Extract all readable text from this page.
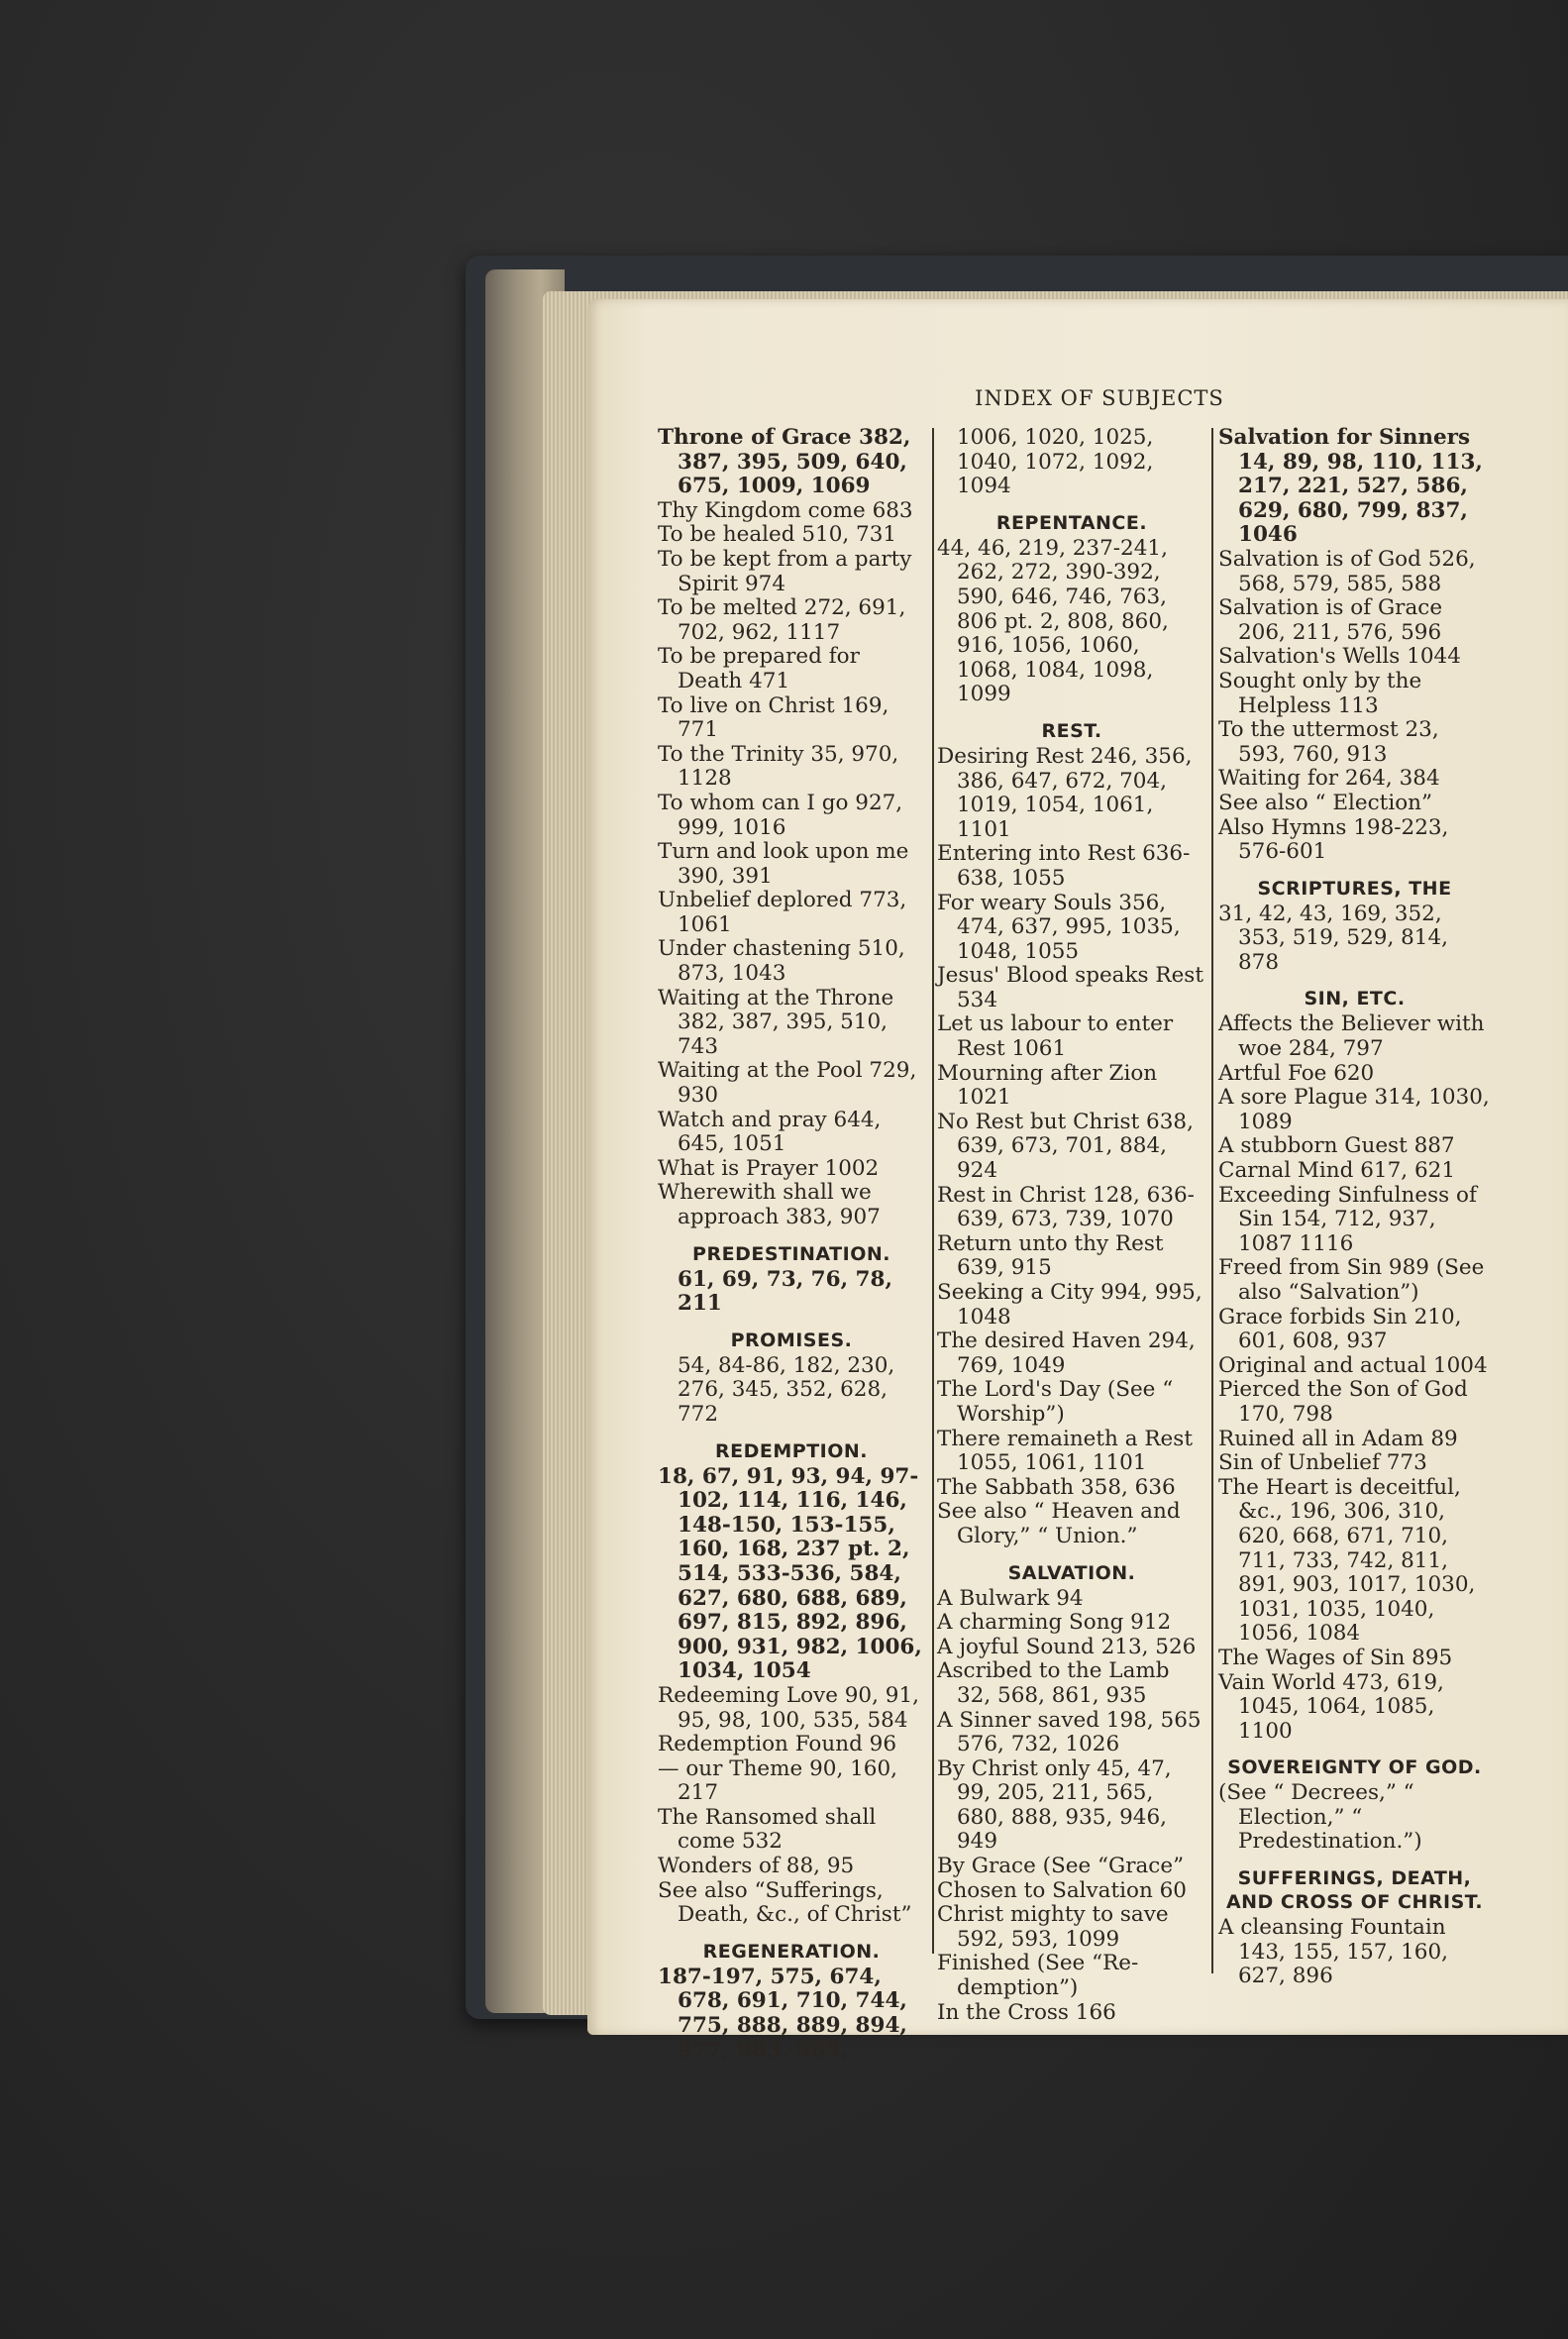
INDEX OF SUBJECTS

Throne of Grace 382, 387, 395, 509, 640, 675, 1009, 1069

Thy Kingdom come 683

To be healed 510, 731

To be kept from a party Spirit 974

To be melted 272, 691, 702, 962, 1117

To be prepared for Death 471

To live on Christ 169, 771

To the Trinity 35, 970, 1128

To whom can I go 927, 999, 1016

Turn and look upon me 390, 391

Unbelief deplored 773, 1061

Under chastening 510, 873, 1043

Waiting at the Throne 382, 387, 395, 510, 743

Waiting at the Pool 729, 930

Watch and pray 644, 645, 1051

What is Prayer 1002

Wherewith shall we approach 383, 907

PREDESTINATION.

61, 69, 73, 76, 78, 211

PROMISES.

54, 84-86, 182, 230, 276, 345, 352, 628, 772

REDEMPTION.

18, 67, 91, 93, 94, 97-102, 114, 116, 146, 148-150, 153-155, 160, 168, 237 pt. 2, 514, 533-536, 584, 627, 680, 688, 689, 697, 815, 892, 896, 900, 931, 982, 1006, 1034, 1054

Redeeming Love 90, 91, 95, 98, 100, 535, 584

Redemption Found 96

— our Theme 90, 160, 217

The Ransomed shall come 532

Wonders of 88, 95

See also “Sufferings, Death, &c., of Christ”

REGENERATION.

187-197, 575, 674, 678, 691, 710, 744, 775, 888, 889, 894, 977, 983, 989,

1006, 1020, 1025, 1040, 1072, 1092, 1094

REPENTANCE.

44, 46, 219, 237-241, 262, 272, 390-392, 590, 646, 746, 763, 806 pt. 2, 808, 860, 916, 1056, 1060, 1068, 1084, 1098, 1099

REST.

Desiring Rest 246, 356, 386, 647, 672, 704, 1019, 1054, 1061, 1101

Entering into Rest 636-638, 1055

For weary Souls 356, 474, 637, 995, 1035, 1048, 1055

Jesus' Blood speaks Rest 534

Let us labour to enter Rest 1061

Mourning after Zion 1021

No Rest but Christ 638, 639, 673, 701, 884, 924

Rest in Christ 128, 636-639, 673, 739, 1070

Return unto thy Rest 639, 915

Seeking a City 994, 995, 1048

The desired Haven 294, 769, 1049

The Lord's Day (See “ Worship”)

There remaineth a Rest 1055, 1061, 1101

The Sabbath 358, 636

See also “ Heaven and Glory,” “ Union.”

SALVATION.

A Bulwark 94

A charming Song 912

A joyful Sound 213, 526

Ascribed to the Lamb 32, 568, 861, 935

A Sinner saved 198, 565 576, 732, 1026

By Christ only 45, 47, 99, 205, 211, 565, 680, 888, 935, 946, 949

By Grace (See “Grace”

Chosen to Salvation 60

Christ mighty to save 592, 593, 1099

Finished (See “Re-demption”)

In the Cross 166

Salvation for Sinners 14, 89, 98, 110, 113, 217, 221, 527, 586, 629, 680, 799, 837, 1046

Salvation is of God 526, 568, 579, 585, 588

Salvation is of Grace 206, 211, 576, 596

Salvation's Wells 1044

Sought only by the Helpless 113

To the uttermost 23, 593, 760, 913

Waiting for 264, 384

See also “ Election”

Also Hymns 198-223, 576-601

SCRIPTURES, THE

31, 42, 43, 169, 352, 353, 519, 529, 814, 878

SIN, ETC.

Affects the Believer with woe 284, 797

Artful Foe 620

A sore Plague 314, 1030, 1089

A stubborn Guest 887

Carnal Mind 617, 621

Exceeding Sinfulness of Sin 154, 712, 937, 1087 1116

Freed from Sin 989 (See also “Salvation”)

Grace forbids Sin 210, 601, 608, 937

Original and actual 1004

Pierced the Son of God 170, 798

Ruined all in Adam 89

Sin of Unbelief 773

The Heart is deceitful, &c., 196, 306, 310, 620, 668, 671, 710, 711, 733, 742, 811, 891, 903, 1017, 1030, 1031, 1035, 1040, 1056, 1084

The Wages of Sin 895

Vain World 473, 619, 1045, 1064, 1085, 1100

SOVEREIGNTY OF GOD.

(See “ Decrees,” “ Election,” “ Predestination.”)

SUFFERINGS, DEATH, AND CROSS OF CHRIST.

A cleansing Fountain 143, 155, 157, 160, 627, 896
